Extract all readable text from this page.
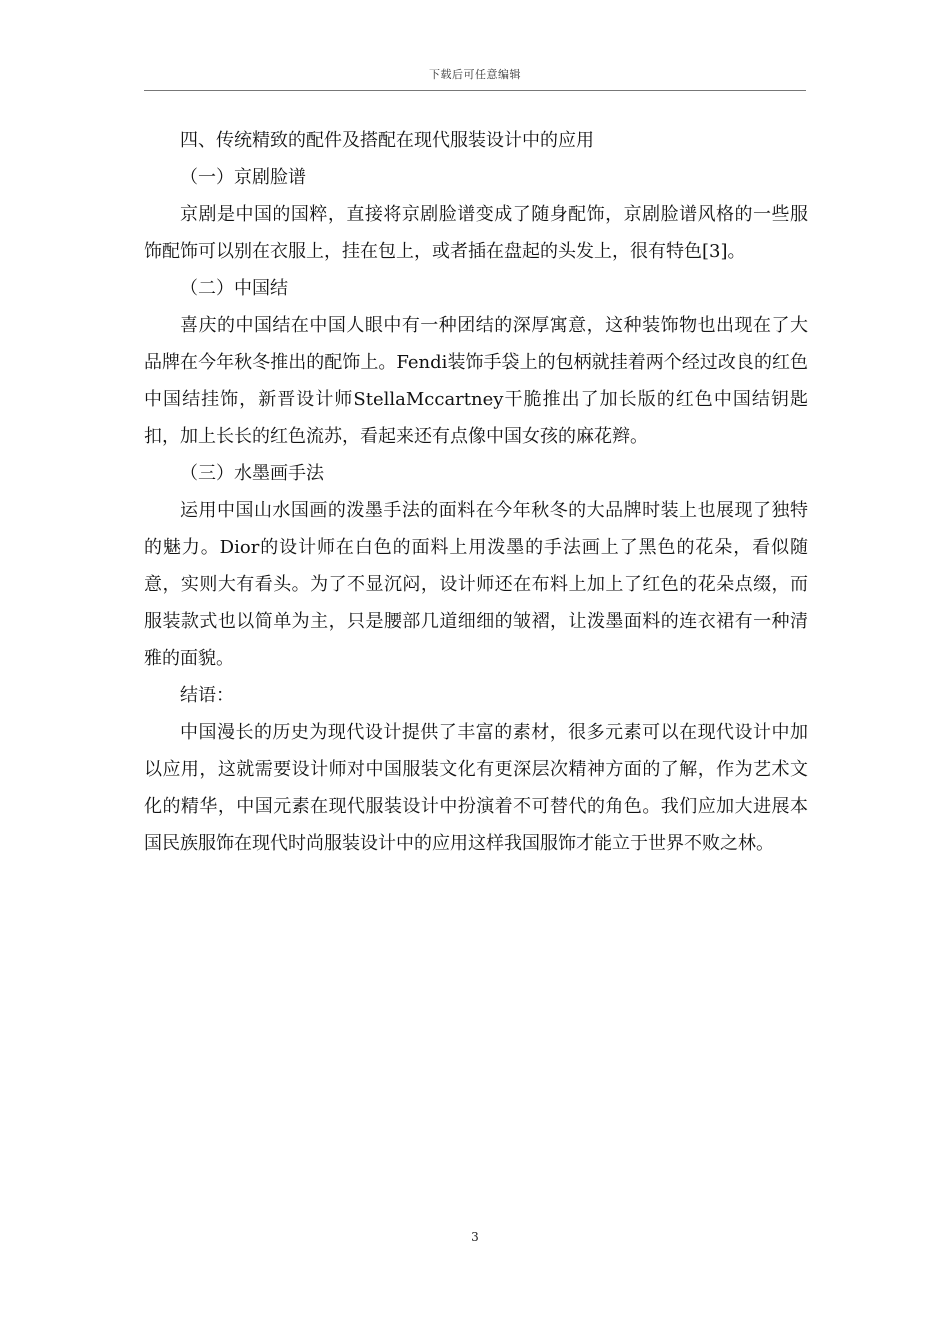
下载后可任意编辑

四、传统精致的配件及搭配在现代服装设计中的应用

（一）京剧脸谱

京剧是中国的国粹，直接将京剧脸谱变成了随身配饰，京剧脸谱风格的一些服饰配饰可以别在衣服上，挂在包上，或者插在盘起的头发上，很有特色[3]。

（二）中国结

喜庆的中国结在中国人眼中有一种团结的深厚寓意，这种装饰物也出现在了大品牌在今年秋冬推出的配饰上。Fendi装饰手袋上的包柄就挂着两个经过改良的红色中国结挂饰，新晋设计师StellaMccartney干脆推出了加长版的红色中国结钥匙扣，加上长长的红色流苏，看起来还有点像中国女孩的麻花辫。

（三）水墨画手法

运用中国山水国画的泼墨手法的面料在今年秋冬的大品牌时装上也展现了独特的魅力。Dior的设计师在白色的面料上用泼墨的手法画上了黑色的花朵，看似随意，实则大有看头。为了不显沉闷，设计师还在布料上加上了红色的花朵点缀，而服装款式也以简单为主，只是腰部几道细细的皱褶，让泼墨面料的连衣裙有一种清雅的面貌。

结语：

中国漫长的历史为现代设计提供了丰富的素材，很多元素可以在现代设计中加以应用，这就需要设计师对中国服装文化有更深层次精神方面的了解，作为艺术文化的精华，中国元素在现代服装设计中扮演着不可替代的角色。我们应加大进展本国民族服饰在现代时尚服装设计中的应用这样我国服饰才能立于世界不败之林。

3
